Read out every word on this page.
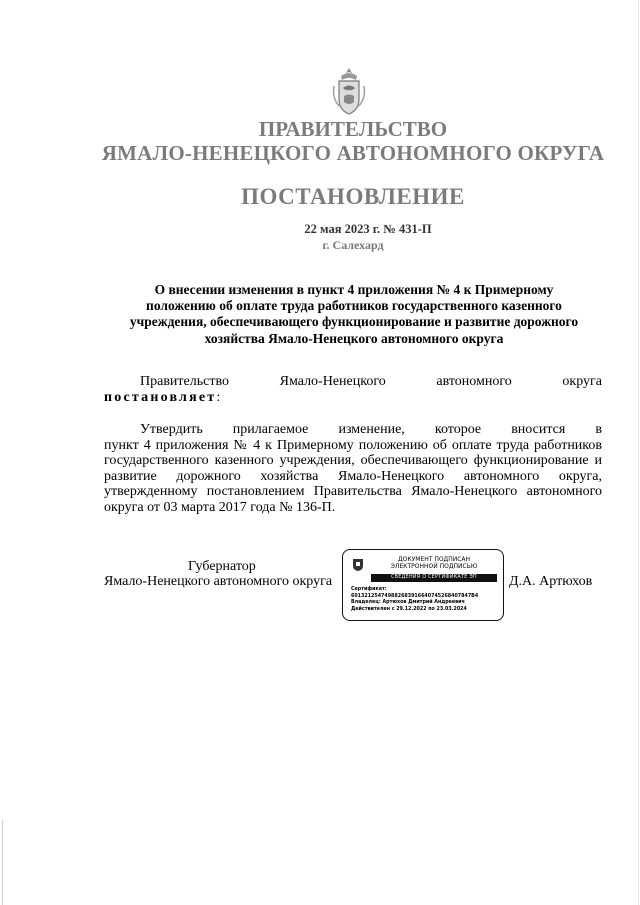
ПРАВИТЕЛЬСТВО
ЯМАЛО-НЕНЕЦКОГО АВТОНОМНОГО ОКРУГА
ПОСТАНОВЛЕНИЕ
22 мая 2023 г. № 431-П
г. Салехард
О внесении изменения в пункт 4 приложения № 4 к Примерному
положению об оплате труда работников государственного казенного
учреждения, обеспечивающего функционирование и развитие дорожного
хозяйства Ямало-Ненецкого автономного округа
Правительство Ямало-Ненецкого автономного округа
постановляет:
Утвердить прилагаемое изменение, которое вносится в
пункт 4 приложения № 4 к Примерному положению об оплате труда работников государственного казенного учреждения, обеспечивающего функционирование и развитие дорожного хозяйства Ямало-Ненецкого автономного округа, утвержденному постановлением Правительства Ямало-Ненецкого автономного округа от 03 марта 2017 года № 136-П.
Губернатор
Ямало-Ненецкого автономного округа
ДОКУМЕНТ ПОДПИСАН
ЭЛЕКТРОННОЙ ПОДПИСЬЮ
СВЕДЕНИЯ О СЕРТИФИКАТЕ ЭП
Сертификат:
601321254749882683916640745268407847В4
Владелец: Артюхов Дмитрий Андреевич
Действителен с 29.12.2022 по 23.03.2024
Д.А. Артюхов
